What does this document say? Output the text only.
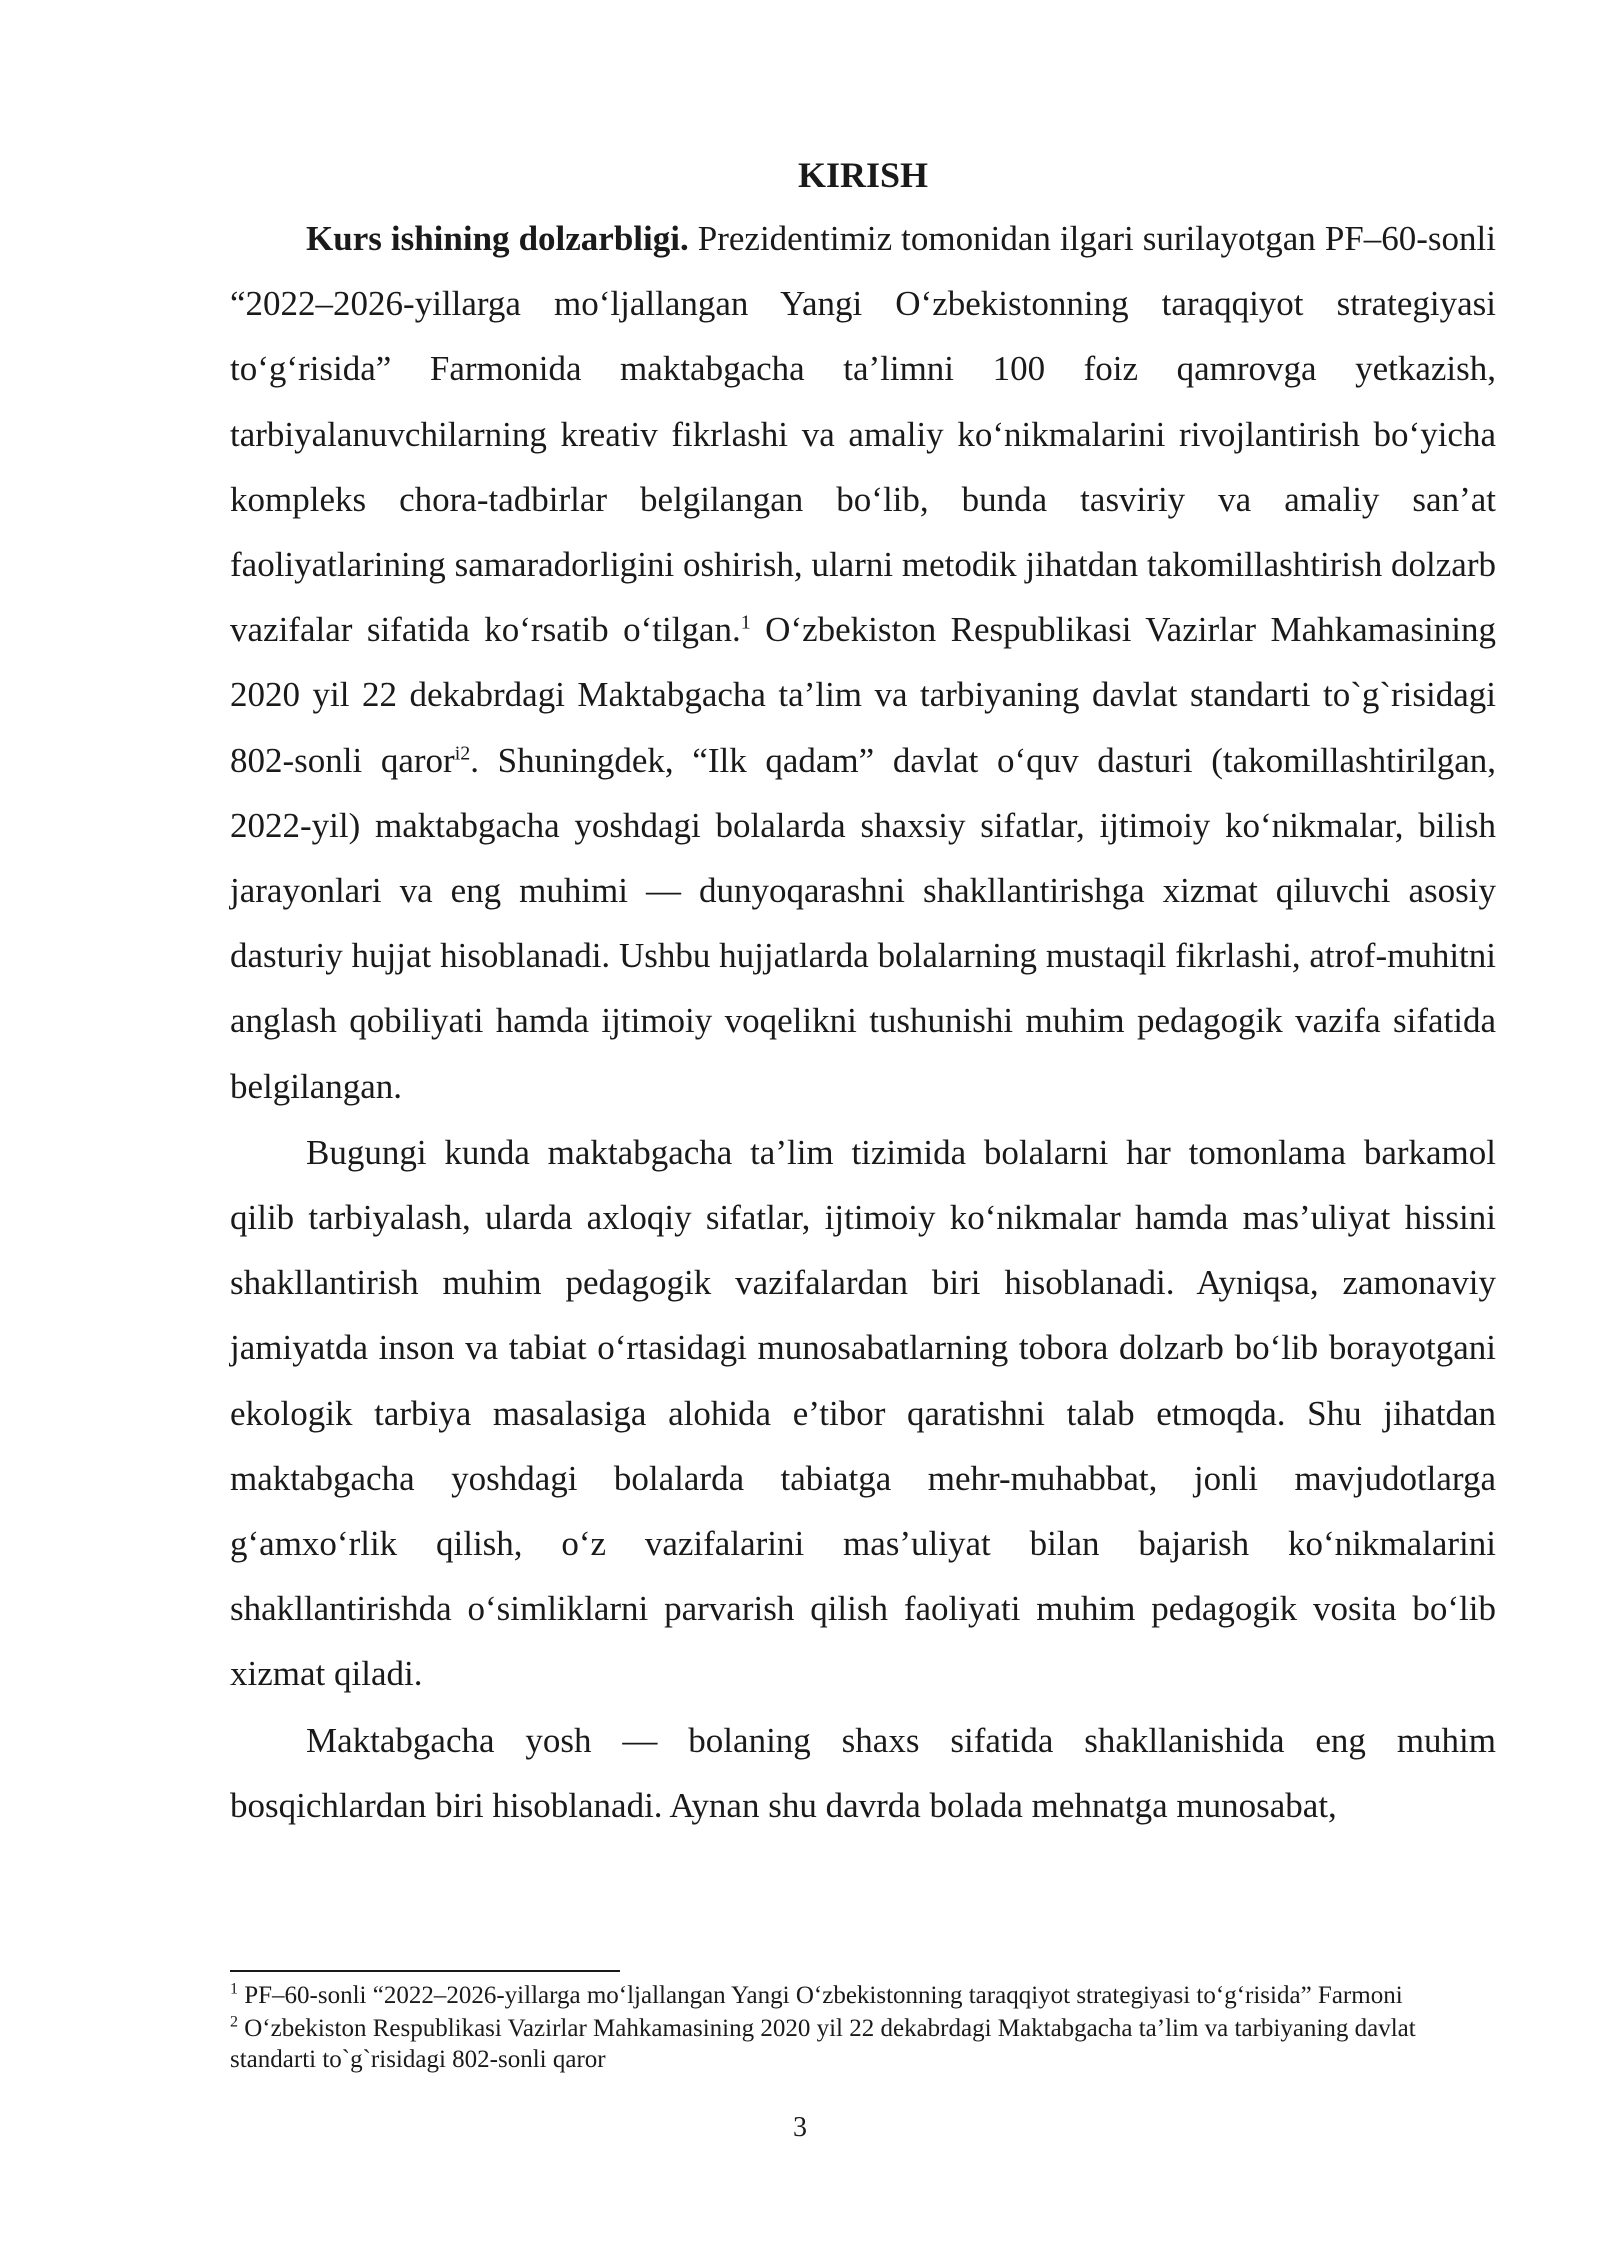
KIRISH

Kurs ishining dolzarbligi. Prezidentimiz tomonidan ilgari surilayotgan PF–60-sonli “2022–2026-yillarga mo‘ljallangan Yangi O‘zbekistonning taraqqiyot strategiyasi to‘g‘risida” Farmonida maktabgacha ta’limni 100 foiz qamrovga yetkazish, tarbiyalanuvchilarning kreativ fikrlashi va amaliy ko‘nikmalarini rivojlantirish bo‘yicha kompleks chora-tadbirlar belgilangan bo‘lib, bunda tasviriy va amaliy san’at faoliyatlarining samaradorligini oshirish, ularni metodik jihatdan takomillashtirish dolzarb vazifalar sifatida ko‘rsatib o‘tilgan.$^1$ O‘zbekiston Respublikasi Vazirlar Mahkamasining 2020 yil 22 dekabrdagi Maktabgacha ta’lim va tarbiyaning davlat standarti to`g`risidagi 802-sonli qaror$^{i2}$. Shuningdek, “Ilk qadam” davlat o‘quv dasturi (takomillashtirilgan, 2022-yil) maktabgacha yoshdagi bolalarda shaxsiy sifatlar, ijtimoiy ko‘nikmalar, bilish jarayonlari va eng muhimi — dunyoqarashni shakllantirishga xizmat qiluvchi asosiy dasturiy hujjat hisoblanadi. Ushbu hujjatlarda bolalarning mustaqil fikrlashi, atrof-muhitni anglash qobiliyati hamda ijtimoiy voqelikni tushunishi muhim pedagogik vazifa sifatida belgilangan.

Bugungi kunda maktabgacha ta’lim tizimida bolalarni har tomonlama barkamol qilib tarbiyalash, ularda axloqiy sifatlar, ijtimoiy ko‘nikmalar hamda mas’uliyat hissini shakllantirish muhim pedagogik vazifalardan biri hisoblanadi. Ayniqsa, zamonaviy jamiyatda inson va tabiat o‘rtasidagi munosabatlarning tobora dolzarb bo‘lib borayotgani ekologik tarbiya masalasiga alohida e’tibor qaratishni talab etmoqda. Shu jihatdan maktabgacha yoshdagi bolalarda tabiatga mehr-muhabbat, jonli mavjudotlarga g‘amxo‘rlik qilish, o‘z vazifalarini mas’uliyat bilan bajarish ko‘nikmalarini shakllantirishda o‘simliklarni parvarish qilish faoliyati muhim pedagogik vosita bo‘lib xizmat qiladi.

Maktabgacha yosh — bolaning shaxs sifatida shakllanishida eng muhim bosqichlardan biri hisoblanadi. Aynan shu davrda bolada mehnatga munosabat,

$^1$ PF–60-sonli “2022–2026-yillarga mo‘ljallangan Yangi O‘zbekistonning taraqqiyot strategiyasi to‘g‘risida” Farmoni

$^2$ O‘zbekiston Respublikasi Vazirlar Mahkamasining 2020 yil 22 dekabrdagi Maktabgacha ta’lim va tarbiyaning davlat standarti to`g`risidagi 802-sonli qaror

3
